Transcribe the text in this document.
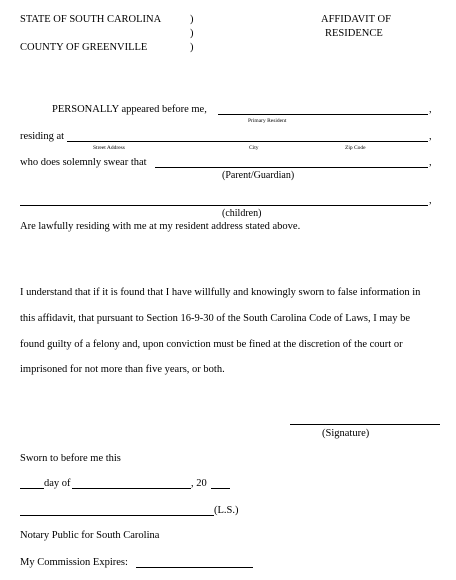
STATE OF SOUTH CAROLINA	)
)
COUNTY OF GREENVILLE	)
AFFIDAVIT OF
RESIDENCE
PERSONALLY appeared before me,	,
Primary Resident
residing at	,
Street Address	City	Zip Code
who does solemnly swear that	,
(Parent/Guardian)
,
(children)
Are lawfully residing with me at my resident address stated above.
I understand that if it is found that I have willfully and knowingly sworn to false information in
this affidavit, that pursuant to Section 16-9-30 of the South Carolina Code of Laws, I may be
found guilty of a felony and, upon conviction must be fined at the discretion of the court or
imprisoned for not more than five years, or both.
(Signature)
Sworn to before me this
day of	, 20
(L.S.)
Notary Public for South Carolina
My Commission Expires:
